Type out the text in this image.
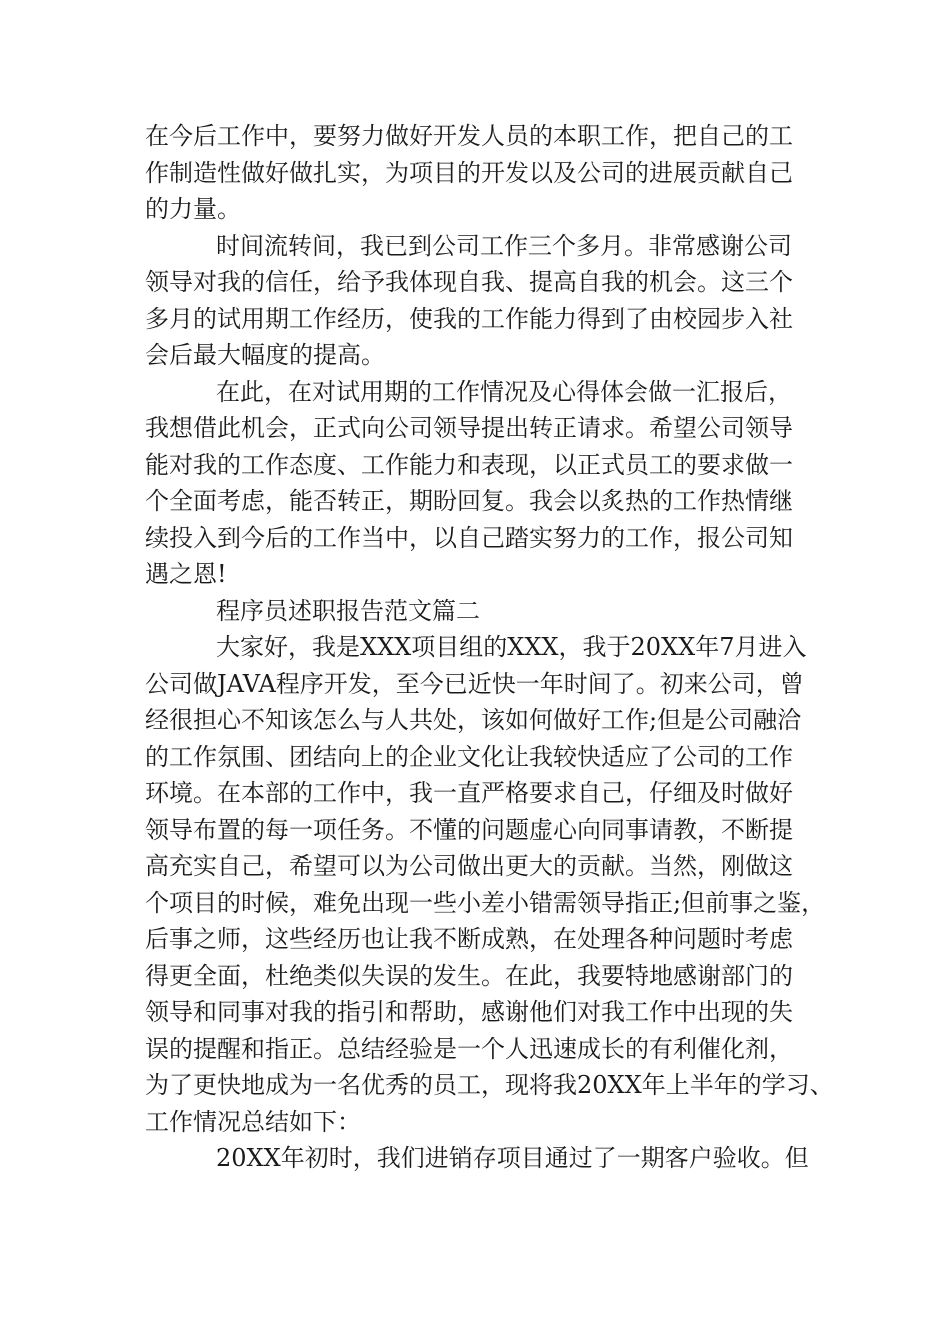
在今后工作中，要努力做好开发人员的本职工作，把自己的工
作制造性做好做扎实，为项目的开发以及公司的进展贡献自己
的力量。
时间流转间，我已到公司工作三个多月。非常感谢公司
领导对我的信任，给予我体现自我、提高自我的机会。这三个
多月的试用期工作经历，使我的工作能力得到了由校园步入社
会后最大幅度的提高。
在此，在对试用期的工作情况及心得体会做一汇报后，
我想借此机会，正式向公司领导提出转正请求。希望公司领导
能对我的工作态度、工作能力和表现，以正式员工的要求做一
个全面考虑，能否转正，期盼回复。我会以炙热的工作热情继
续投入到今后的工作当中，以自己踏实努力的工作，报公司知
遇之恩!
程序员述职报告范文篇二
大家好，我是XXX项目组的XXX，我于20XX年7月进入
公司做JAVA程序开发，至今已近快一年时间了。初来公司，曾
经很担心不知该怎么与人共处，该如何做好工作;但是公司融洽
的工作氛围、团结向上的企业文化让我较快适应了公司的工作
环境。在本部的工作中，我一直严格要求自己，仔细及时做好
领导布置的每一项任务。不懂的问题虚心向同事请教，不断提
高充实自己，希望可以为公司做出更大的贡献。当然，刚做这
个项目的时候，难免出现一些小差小错需领导指正;但前事之鉴，
后事之师，这些经历也让我不断成熟，在处理各种问题时考虑
得更全面，杜绝类似失误的发生。在此，我要特地感谢部门的
领导和同事对我的指引和帮助，感谢他们对我工作中出现的失
误的提醒和指正。总结经验是一个人迅速成长的有利催化剂，
为了更快地成为一名优秀的员工，现将我20XX年上半年的学习、
工作情况总结如下：
20XX年初时，我们进销存项目通过了一期客户验收。但
